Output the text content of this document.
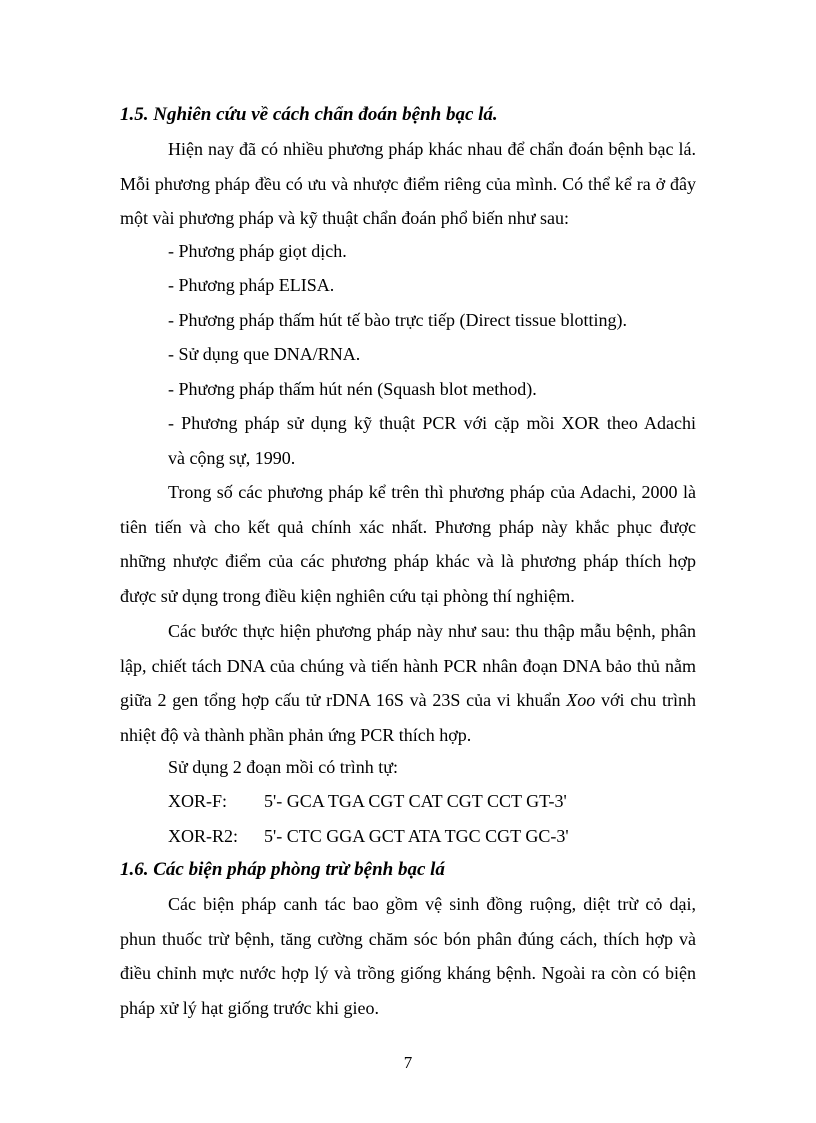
1.5. Nghiên cứu về cách chẩn đoán bệnh bạc lá.

Hiện nay đã có nhiều phương pháp khác nhau để chẩn đoán bệnh bạc lá. Mỗi phương pháp đều có ưu và nhược điểm riêng của mình. Có thể kể ra ở đây một vài phương pháp và kỹ thuật chẩn đoán phổ biến như sau:

- Phương pháp giọt dịch.

- Phương pháp ELISA.

- Phương pháp thấm hút tế bào trực tiếp (Direct tissue blotting).

- Sử dụng que DNA/RNA.

- Phương pháp thấm hút nén (Squash blot method).

- Phương pháp sử dụng kỹ thuật PCR với cặp mồi XOR theo Adachi

và cộng sự, 1990.

Trong số các phương pháp kể trên thì phương pháp của Adachi, 2000 là tiên tiến và cho kết quả chính xác nhất. Phương pháp này khắc phục được những nhược điểm của các phương pháp khác và là phương pháp thích hợp được sử dụng trong điều kiện nghiên cứu tại phòng thí nghiệm.

Các bước thực hiện phương pháp này như sau: thu thập mẫu bệnh, phân lập, chiết tách DNA của chúng và tiến hành PCR nhân đoạn DNA bảo thủ nằm giữa 2 gen tổng hợp cấu tử rDNA 16S và 23S của vi khuẩn Xoo với chu trình nhiệt độ và thành phần phản ứng PCR thích hợp.

Sử dụng 2 đoạn mồi có trình tự:

XOR-F: 5'- GCA TGA CGT CAT CGT CCT GT-3'

XOR-R2: 5'- CTC GGA GCT ATA TGC CGT GC-3'

1.6. Các biện pháp phòng trừ bệnh bạc lá

Các biện pháp canh tác bao gồm vệ sinh đồng ruộng, diệt trừ cỏ dại, phun thuốc trừ bệnh, tăng cường chăm sóc bón phân đúng cách, thích hợp và điều chỉnh mực nước hợp lý và trồng giống kháng bệnh. Ngoài ra còn có biện pháp xử lý hạt giống trước khi gieo.

7
